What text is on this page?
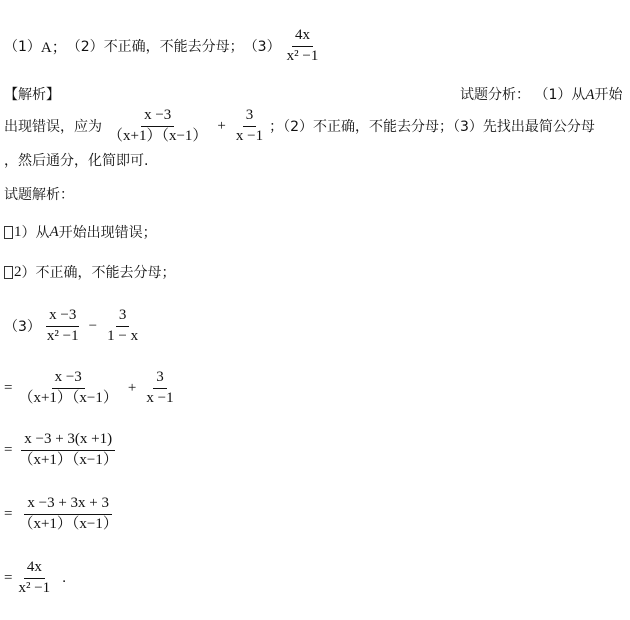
（1） A； （2） 不正确，不能去分母； $(3) \frac{4x}{\text{x² −1}}$
【解析】	试题分析： （1）从A开始
出现错误，应为 $\frac{x -3}{(x+1)(x-1)} + \frac{3}{x -1}$ ；（2）不正确，不能去分母；（3）先找出最简公分母
，然后通分，化简即可.
试题解析：
1 ）从 A 开始出现错误；
2 ）不正确，不能去分母；
$(3) \frac{x -3}{\text{x² −1}} - \frac{3}{1 - x}$
= $\frac{x -3}{(x+1)(x-1)} + \frac{3}{x -1}$
= $\frac{x -3 + 3(x +1)}{(x+1)(x-1)}$
= $\frac{x -3 + 3x + 3}{(x+1)(x-1)}$
= $\frac{4x}{\text{x² −1}}$ .
